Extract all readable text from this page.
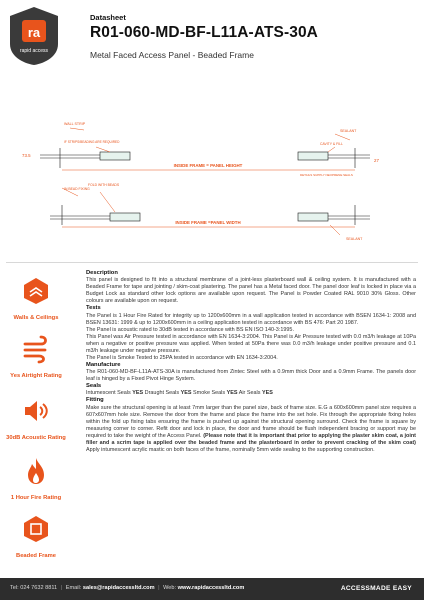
ra
rapid access
Datasheet
R01-060-MD-BF-L11A-ATS-30A
Metal Faced Access Panel - Beaded Frame
WALL STRIP
IF STRIPS/BEADING ARE REQUIRED
SEALANT
CAVITY & FILL
DETAILS SUPPLY NEOPRENE SEALS
73.5
27
INSIDE FRAME = PANEL HEIGHT
FOLD WITH BEADS
IN BEAD FIXING
SEALANT
INSIDE FRAME =PANEL WIDTH
Walls & Ceilings
Yes Airtight Rating
30dB Acoustic Rating
1 Hour Fire Rating
Beaded Frame
Description

This panel is designed to fit into a structural membrane of a joint-less plasterboard wall & ceiling system. It is manufactured with a Beaded Frame for tape and jointing / skim-coat plastering. The panel has a Metal faced door. The panel door leaf is locked in place via a Budget Lock as standard other lock options are available upon request. The Panel is Powder Coated RAL 9010 30% Gloss. Other colours are available upon on request.

Tests

The Panel is 1 Hour Fire Rated for integrity up to 1200x600mm in a wall application tested in accordance with BSEN 1634-1: 2008 and BSEN 13631: 1999 & up to 1200x600mm in a ceiling application tested in accordance with BS 476: Part 20 1987.

The Panel is acoustic rated to 30dB tested in accordance with BS EN ISO 140-3:1995.

This Panel was Air Pressure tested in accordance with EN 1634-3:2004. This Panel is Air Pressure tested with 0.0 m3/h leakage at 10Pa when a negative or positive pressure was applied. When tested at 50Pa there was 0.0 m3/h leakage under positive pressure and 0.1 m3/h leakage under negative pressure.

The Panel is Smoke Tested to 25PA tested in accordance with EN 1634-3:2004.

Manufacture

The R01-060-MD-BF-L11A-ATS-30A is manufactured from Zintec Steel with a 0.9mm thick Door and a 0.9mm Frame. The panels door leaf is hinged by a Fixed Pivot Hinge System.

Seals

Intumescent Seals YES Draught Seals YES Smoke Seals YES Air Seals YES

Fitting

Make sure the structural opening is at least 7mm larger than the panel size, back of frame size. E.G a 600x600mm panel size requires a 607x607mm hole size. Remove the door from the frame and place the frame into the set hole. Fix through the appropriate fixing holes within the fold up fixing tabs ensuring the frame is pushed up against the structural opening surround. Check the frame is square by measuring corner to corner. Refit door and lock in place, the door and frame should be flush independent bracing or support may be required to take the weight of the Access Panel. (Please note that it is important that prior to applying the plaster skim coat, a joint filler and a scrim tape is applied over the beaded frame and the plasterboard in order to prevent cracking of the skim coat) Apply intumescent acrylic mastic on both faces of the frame, nominally 5mm wide sealing to the supporting construction.

Tel: 024 7632 8811 | Email: sales@rapidaccessltd.com | Web: www.rapidaccessltd.com	ACCESSMADE EASY
